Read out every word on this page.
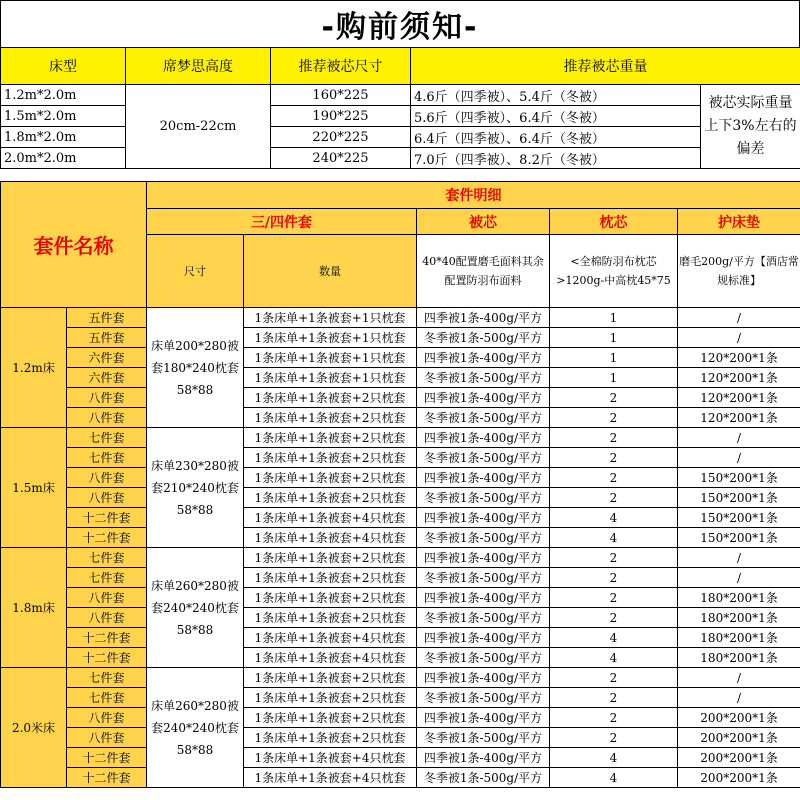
-购前须知-
床型	席梦思高度	推荐被芯尺寸	推荐被芯重量	
1.2m*2.0m	20cm-22cm	160*225	4.6斤（四季被）、5.4斤（冬被）	被芯实际重量上下3%左右的偏差
1.5m*2.0m		190*225	5.6斤（四季被）、6.4斤（冬被）	
1.8m*2.0m		220*225	6.4斤（四季被）、6.4斤（冬被）	
2.0m*2.0m		240*225	7.0斤（四季被）、8.2斤（冬被）	
套件名称		套件明细				
		三/四件套		被芯	枕芯	护床垫
		尺寸	数量	40*40配置磨毛面料其余配置防羽布面料	<全棉防羽布枕芯>1200g-中高枕45*75	磨毛200g/平方【酒店常规标准】
1.2m床	五件套	床单200*280被套180*240枕套58*88	1条床单+1条被套+1只枕套	四季被1条-400g/平方	1	/
	五件套		1条床单+1条被套+1只枕套	冬季被1条-500g/平方	1	/
	六件套		1条床单+1条被套+1只枕套	四季被1条-400g/平方	1	120*200*1条
	六件套		1条床单+1条被套+1只枕套	冬季被1条-500g/平方	1	120*200*1条
	八件套		1条床单+1条被套+2只枕套	四季被1条-400g/平方	2	120*200*1条
	八件套		1条床单+1条被套+2只枕套	冬季被1条-500g/平方	2	120*200*1条
1.5m床	七件套	床单230*280被套210*240枕套58*88	1条床单+1条被套+2只枕套	四季被1条-400g/平方	2	/
	七件套		1条床单+1条被套+2只枕套	冬季被1条-500g/平方	2	/
	八件套		1条床单+1条被套+2只枕套	四季被1条-400g/平方	2	150*200*1条
	八件套		1条床单+1条被套+2只枕套	冬季被1条-500g/平方	2	150*200*1条
	十二件套		1条床单+1条被套+4只枕套	四季被1条-400g/平方	4	150*200*1条
	十二件套		1条床单+1条被套+4只枕套	冬季被1条-500g/平方	4	150*200*1条
1.8m床	七件套	床单260*280被套240*240枕套58*88	1条床单+1条被套+2只枕套	四季被1条-400g/平方	2	/
	七件套		1条床单+1条被套+2只枕套	冬季被1条-500g/平方	2	/
	八件套		1条床单+1条被套+2只枕套	四季被1条-400g/平方	2	180*200*1条
	八件套		1条床单+1条被套+2只枕套	冬季被1条-500g/平方	2	180*200*1条
	十二件套		1条床单+1条被套+4只枕套	四季被1条-400g/平方	4	180*200*1条
	十二件套		1条床单+1条被套+4只枕套	冬季被1条-500g/平方	4	180*200*1条
2.0米床	七件套	床单260*280被套240*240枕套58*88	1条床单+1条被套+2只枕套	四季被1条-400g/平方	2	/
	七件套		1条床单+1条被套+2只枕套	冬季被1条-500g/平方	2	/
	八件套		1条床单+1条被套+2只枕套	四季被1条-400g/平方	2	200*200*1条
	八件套		1条床单+1条被套+2只枕套	冬季被1条-500g/平方	2	200*200*1条
	十二件套		1条床单+1条被套+4只枕套	四季被1条-400g/平方	4	200*200*1条
	十二件套		1条床单+1条被套+4只枕套	冬季被1条-500g/平方	4	200*200*1条
